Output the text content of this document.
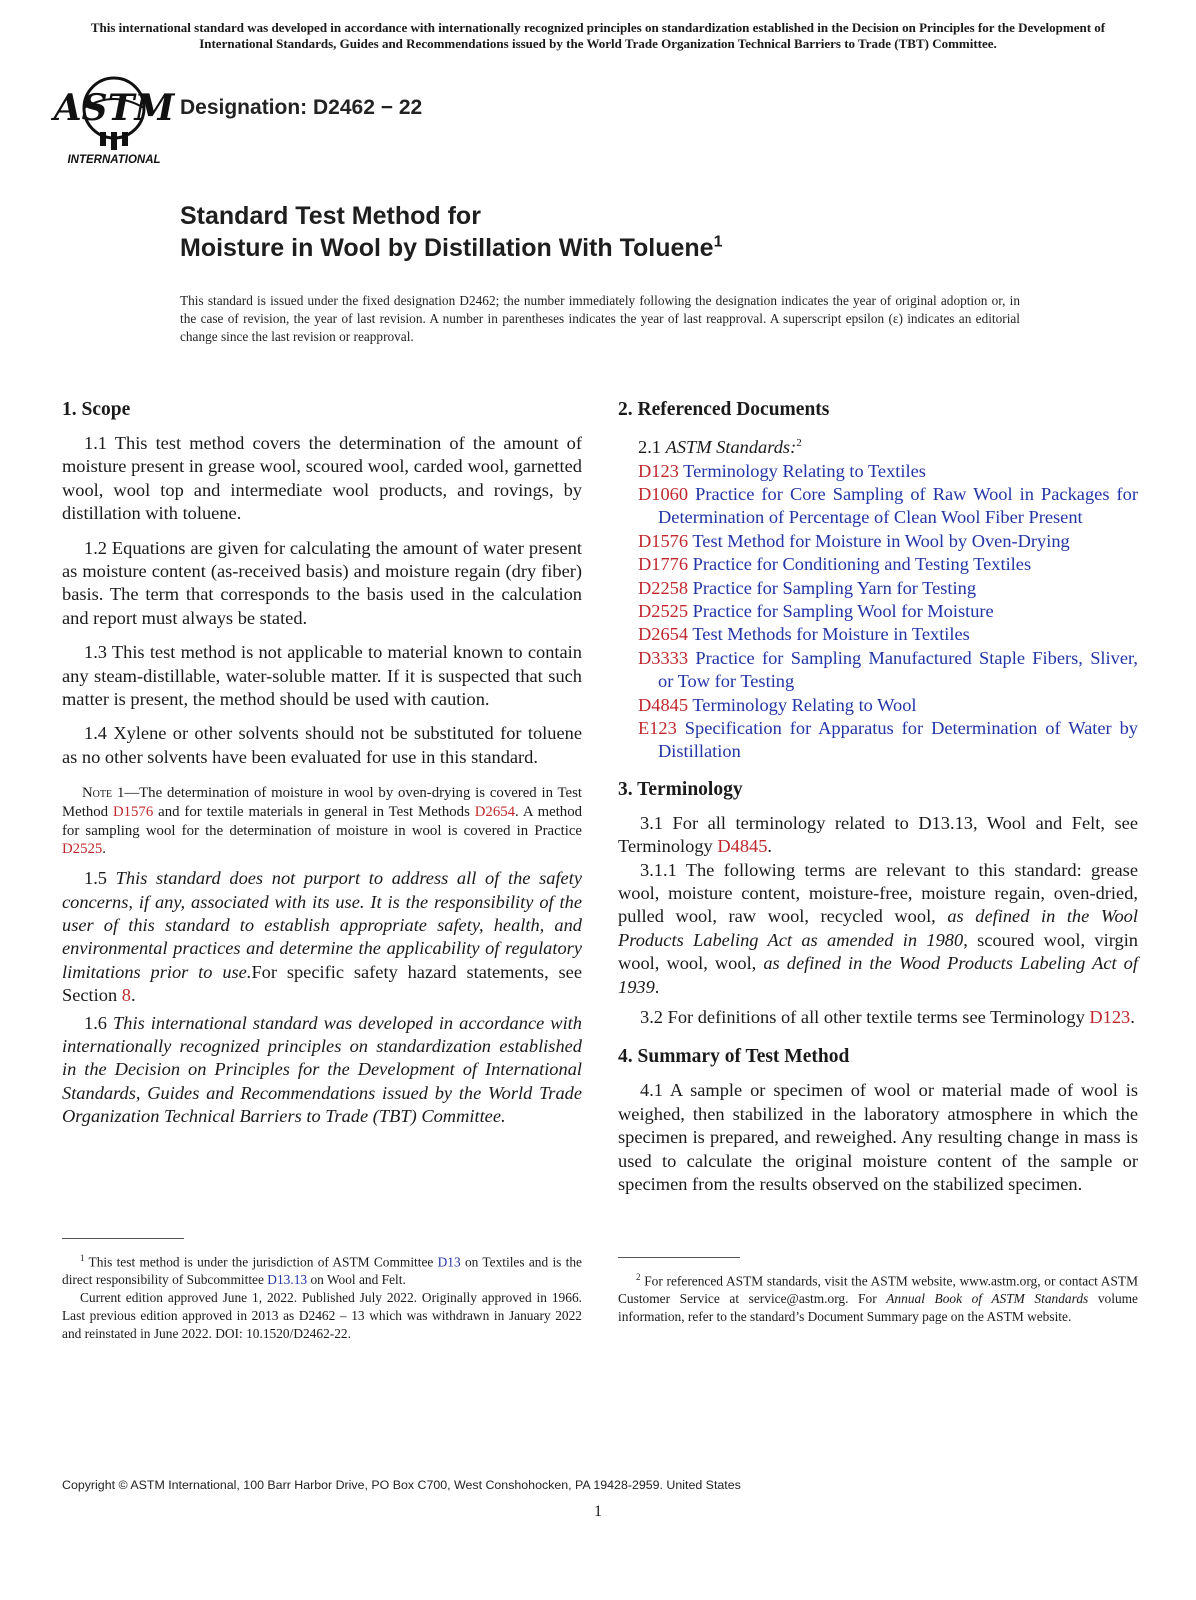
This international standard was developed in accordance with internationally recognized principles on standardization established in the Decision on Principles for the Development of International Standards, Guides and Recommendations issued by the World Trade Organization Technical Barriers to Trade (TBT) Committee.
ASTM
INTERNATIONAL
Designation: D2462 − 22
Standard Test Method for
Moisture in Wool by Distillation With Toluene$^1$
This standard is issued under the fixed designation D2462; the number immediately following the designation indicates the year of original adoption or, in the case of revision, the year of last revision. A number in parentheses indicates the year of last reapproval. A superscript epsilon (ε) indicates an editorial change since the last revision or reapproval.
1. Scope

1.1 This test method covers the determination of the amount of moisture present in grease wool, scoured wool, carded wool, garnetted wool, wool top and intermediate wool products, and rovings, by distillation with toluene.

1.2 Equations are given for calculating the amount of water present as moisture content (as-received basis) and moisture regain (dry fiber) basis. The term that corresponds to the basis used in the calculation and report must always be stated.

1.3 This test method is not applicable to material known to contain any steam-distillable, water-soluble matter. If it is suspected that such matter is present, the method should be used with caution.

1.4 Xylene or other solvents should not be substituted for toluene as no other solvents have been evaluated for use in this standard.

Note 1—The determination of moisture in wool by oven-drying is covered in Test Method D1576 and for textile materials in general in Test Methods D2654. A method for sampling wool for the determination of moisture in wool is covered in Practice D2525.

1.5 This standard does not purport to address all of the safety concerns, if any, associated with its use. It is the responsibility of the user of this standard to establish appropriate safety, health, and environmental practices and determine the applicability of regulatory limitations prior to use.For specific safety hazard statements, see Section 8.

1.6 This international standard was developed in accordance with internationally recognized principles on standardization established in the Decision on Principles for the Development of International Standards, Guides and Recommendations issued by the World Trade Organization Technical Barriers to Trade (TBT) Committee.

$^1$ This test method is under the jurisdiction of ASTM Committee D13 on Textiles and is the direct responsibility of Subcommittee D13.13 on Wool and Felt.

Current edition approved June 1, 2022. Published July 2022. Originally approved in 1966. Last previous edition approved in 2013 as D2462 – 13 which was withdrawn in January 2022 and reinstated in June 2022. DOI: 10.1520/D2462-22.

2. Referenced Documents
2.1 ASTM Standards:$^2$
D123 Terminology Relating to Textiles
D1060 Practice for Core Sampling of Raw Wool in Packages for Determination of Percentage of Clean Wool Fiber Present
D1576 Test Method for Moisture in Wool by Oven-Drying
D1776 Practice for Conditioning and Testing Textiles
D2258 Practice for Sampling Yarn for Testing
D2525 Practice for Sampling Wool for Moisture
D2654 Test Methods for Moisture in Textiles
D3333 Practice for Sampling Manufactured Staple Fibers, Sliver, or Tow for Testing
D4845 Terminology Relating to Wool
E123 Specification for Apparatus for Determination of Water by Distillation
3. Terminology

3.1 For all terminology related to D13.13, Wool and Felt, see Terminology D4845.

3.1.1 The following terms are relevant to this standard: grease wool, moisture content, moisture-free, moisture regain, oven-dried, pulled wool, raw wool, recycled wool, as defined in the Wool Products Labeling Act as amended in 1980, scoured wool, virgin wool, wool, wool, as defined in the Wood Products Labeling Act of 1939.

3.2 For definitions of all other textile terms see Terminology D123.

4. Summary of Test Method

4.1 A sample or specimen of wool or material made of wool is weighed, then stabilized in the laboratory atmosphere in which the specimen is prepared, and reweighed. Any resulting change in mass is used to calculate the original moisture content of the sample or specimen from the results observed on the stabilized specimen.

$^2$ For referenced ASTM standards, visit the ASTM website, www.astm.org, or contact ASTM Customer Service at service@astm.org. For Annual Book of ASTM Standards volume information, refer to the standard’s Document Summary page on the ASTM website.

Copyright © ASTM International, 100 Barr Harbor Drive, PO Box C700, West Conshohocken, PA 19428-2959. United States
1
